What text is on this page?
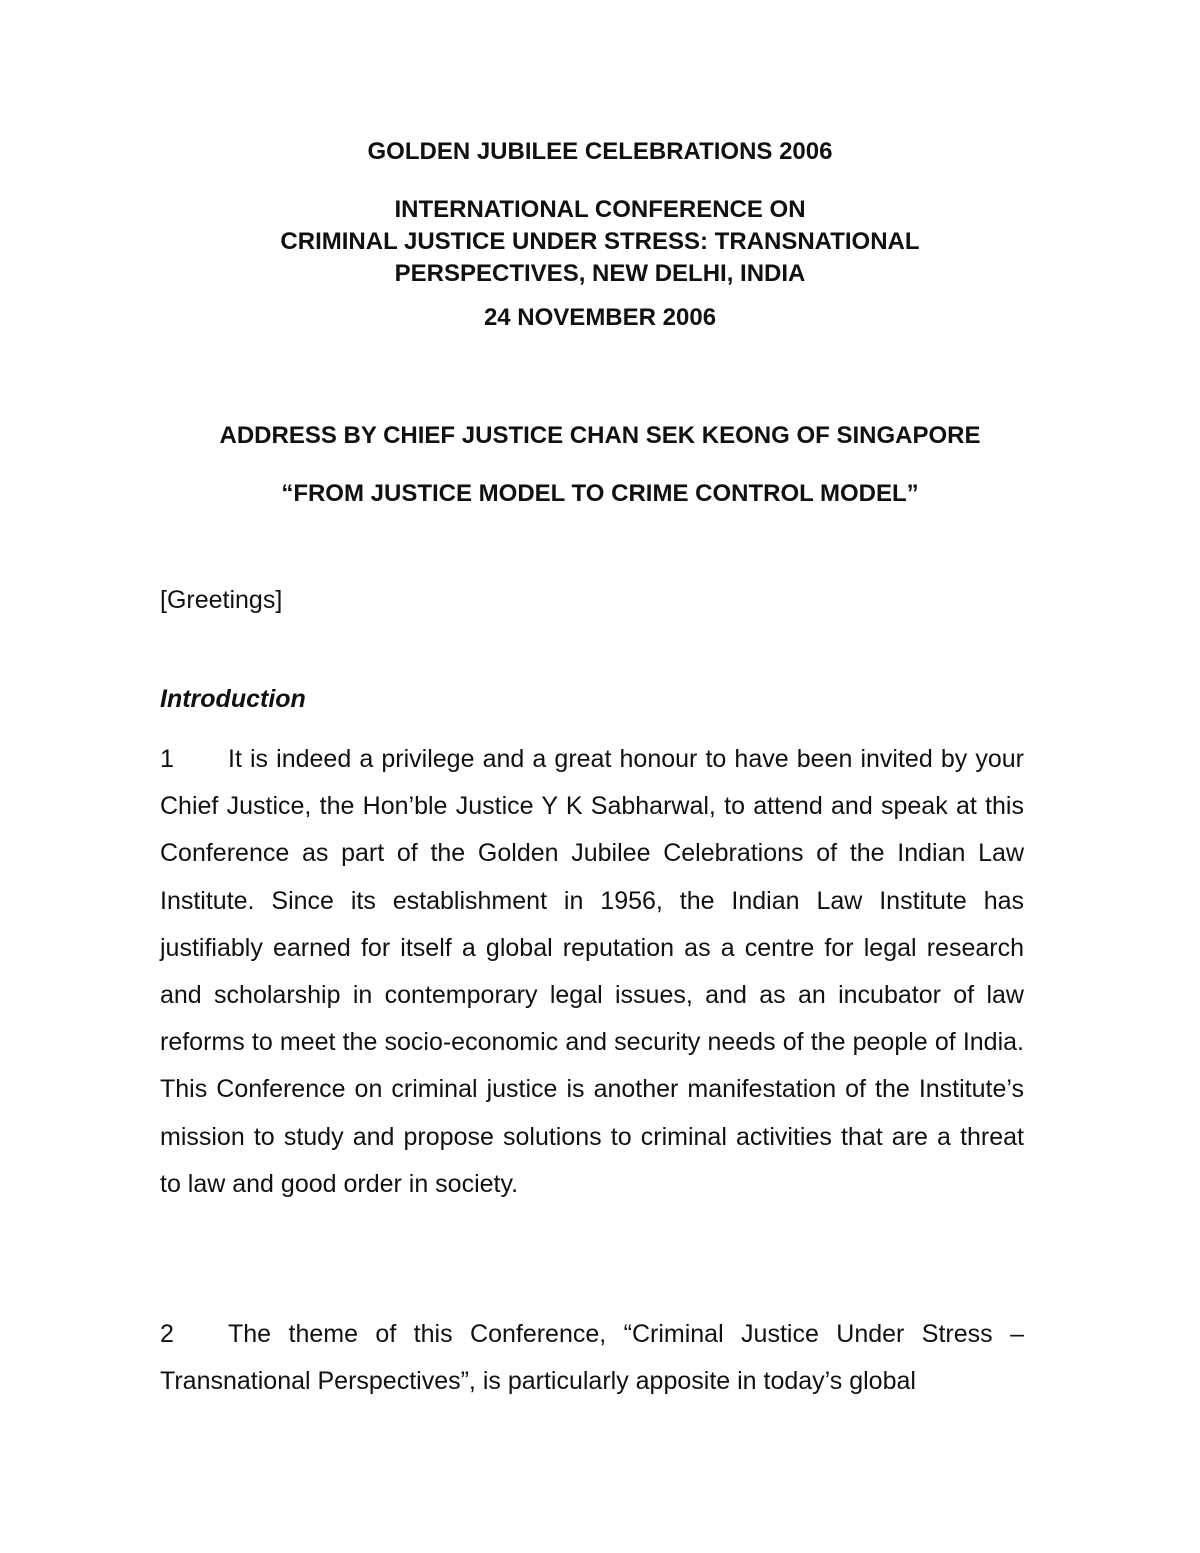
GOLDEN JUBILEE CELEBRATIONS 2006

INTERNATIONAL CONFERENCE ON

CRIMINAL JUSTICE UNDER STRESS: TRANSNATIONAL

PERSPECTIVES, NEW DELHI, INDIA

24 NOVEMBER 2006

ADDRESS BY CHIEF JUSTICE CHAN SEK KEONG OF SINGAPORE

“FROM JUSTICE MODEL TO CRIME CONTROL MODEL”

[Greetings]

Introduction

1 It is indeed a privilege and a great honour to have been invited by your Chief Justice, the Hon’ble Justice Y K Sabharwal, to attend and speak at this Conference as part of the Golden Jubilee Celebrations of the Indian Law Institute. Since its establishment in 1956, the Indian Law Institute has justifiably earned for itself a global reputation as a centre for legal research and scholarship in contemporary legal issues, and as an incubator of law reforms to meet the socio-economic and security needs of the people of India. This Conference on criminal justice is another manifestation of the Institute’s mission to study and propose solutions to criminal activities that are a threat to law and good order in society.

2 The theme of this Conference, “Criminal Justice Under Stress – Transnational Perspectives”, is particularly apposite in today’s global
